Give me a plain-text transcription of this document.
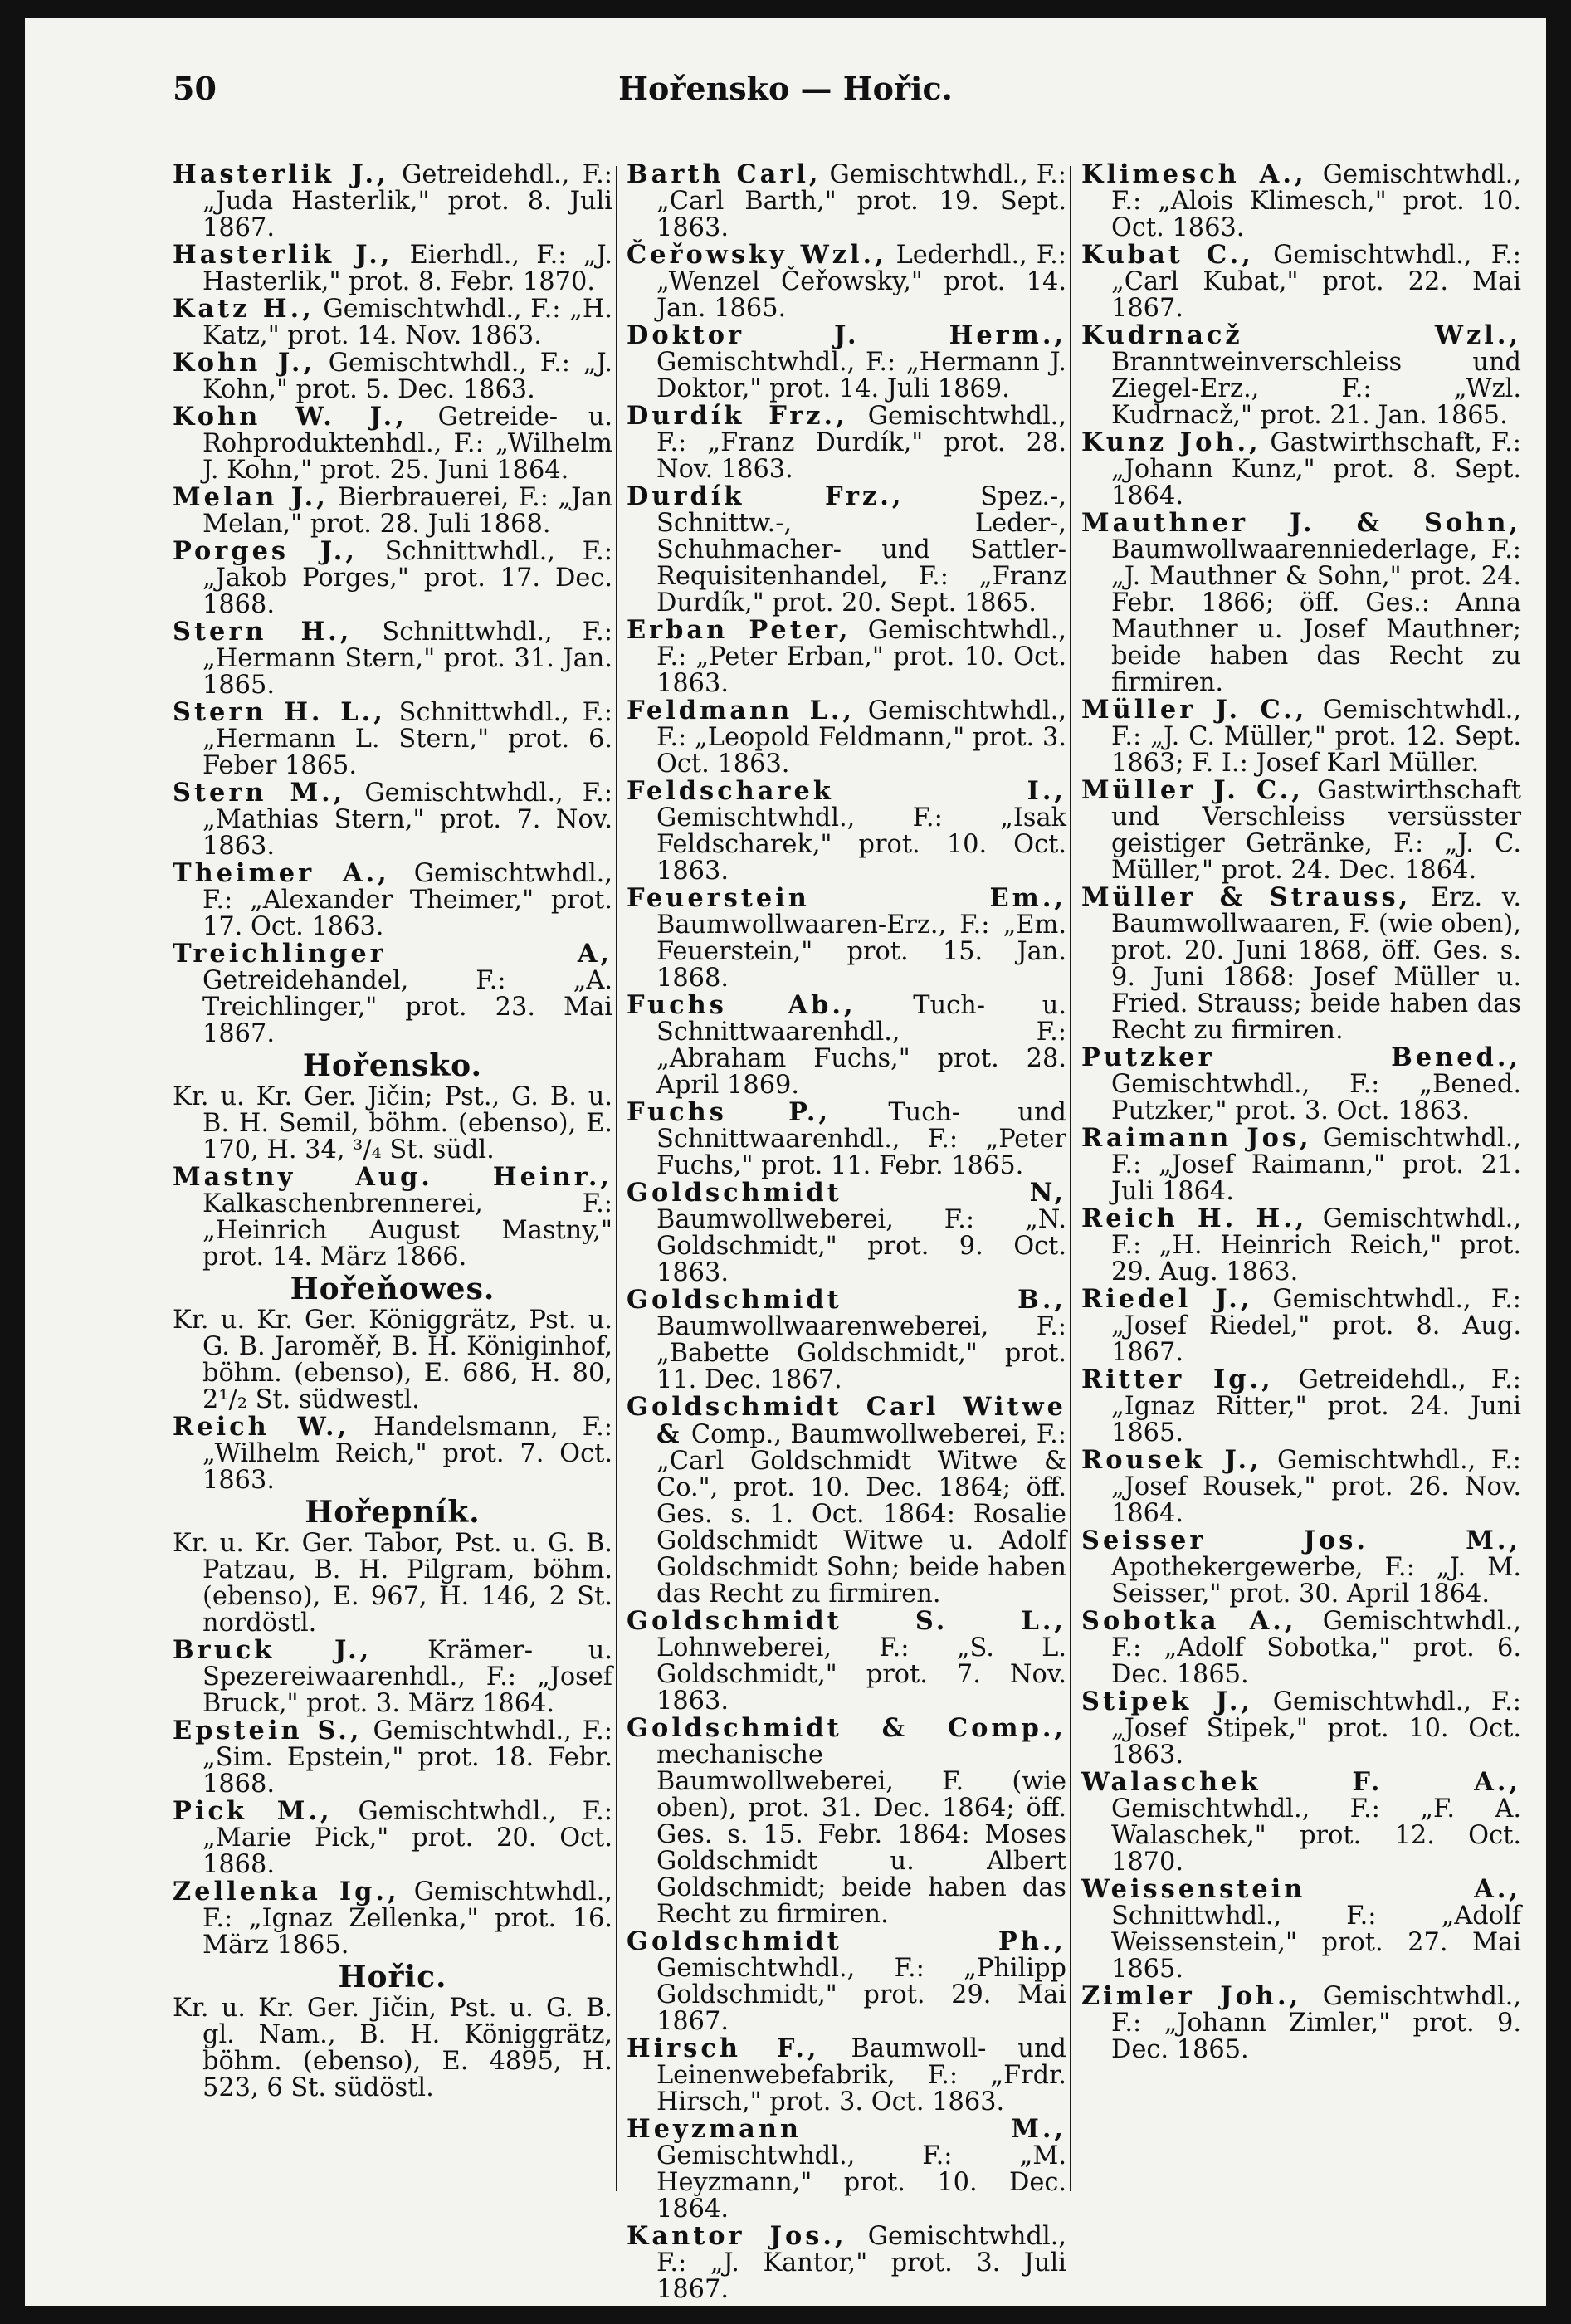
50	Hořensko — Hořic.

Hasterlik J., Getreidehdl., F.: „Juda Hasterlik," prot. 8. Juli 1867.

Hasterlik J., Eierhdl., F.: „J. Hasterlik," prot. 8. Febr. 1870.

Katz H., Gemischtwhdl., F.: „H. Katz," prot. 14. Nov. 1863.

Kohn J., Gemischtwhdl., F.: „J. Kohn," prot. 5. Dec. 1863.

Kohn W. J., Getreide- u. Rohproduktenhdl., F.: „Wilhelm J. Kohn," prot. 25. Juni 1864.

Melan J., Bierbrauerei, F.: „Jan Melan," prot. 28. Juli 1868.

Porges J., Schnittwhdl., F.: „Jakob Porges," prot. 17. Dec. 1868.

Stern H., Schnittwhdl., F.: „Hermann Stern," prot. 31. Jan. 1865.

Stern H. L., Schnittwhdl., F.: „Hermann L. Stern," prot. 6. Feber 1865.

Stern M., Gemischtwhdl., F.: „Mathias Stern," prot. 7. Nov. 1863.

Theimer A., Gemischtwhdl., F.: „Alexander Theimer," prot. 17. Oct. 1863.

Treichlinger A, Getreidehandel, F.: „A. Treichlinger," prot. 23. Mai 1867.

Hořensko.

Kr. u. Kr. Ger. Jičin; Pst., G. B. u. B. H. Semil, böhm. (ebenso), E. 170, H. 34, ³/₄ St. südl.

Mastny Aug. Heinr., Kalkaschenbrennerei, F.: „Heinrich August Mastny," prot. 14. März 1866.

Hořeňowes.

Kr. u. Kr. Ger. Königgrätz, Pst. u. G. B. Jaroměř, B. H. Königinhof, böhm. (ebenso), E. 686, H. 80, 2¹/₂ St. südwestl.

Reich W., Handelsmann, F.: „Wilhelm Reich," prot. 7. Oct. 1863.

Hořepník.

Kr. u. Kr. Ger. Tabor, Pst. u. G. B. Patzau, B. H. Pilgram, böhm. (ebenso), E. 967, H. 146, 2 St. nordöstl.

Bruck J., Krämer- u. Spezereiwaarenhdl., F.: „Josef Bruck," prot. 3. März 1864.

Epstein S., Gemischtwhdl., F.: „Sim. Epstein," prot. 18. Febr. 1868.

Pick M., Gemischtwhdl., F.: „Marie Pick," prot. 20. Oct. 1868.

Zellenka Ig., Gemischtwhdl., F.: „Ignaz Zellenka," prot. 16. März 1865.

Hořic.

Kr. u. Kr. Ger. Jičin, Pst. u. G. B. gl. Nam., B. H. Königgrätz, böhm. (ebenso), E. 4895, H. 523, 6 St. südöstl.

Barth Carl, Gemischtwhdl., F.: „Carl Barth," prot. 19. Sept. 1863.

Čeřowsky Wzl., Lederhdl., F.: „Wenzel Čeřowsky," prot. 14. Jan. 1865.

Doktor J. Herm., Gemischtwhdl., F.: „Hermann J. Doktor," prot. 14. Juli 1869.

Durdík Frz., Gemischtwhdl., F.: „Franz Durdík," prot. 28. Nov. 1863.

Durdík Frz., Spez.-, Schnittw.-, Leder-, Schuhmacher- und Sattler-Requisitenhandel, F.: „Franz Durdík," prot. 20. Sept. 1865.

Erban Peter, Gemischtwhdl., F.: „Peter Erban," prot. 10. Oct. 1863.

Feldmann L., Gemischtwhdl., F.: „Leopold Feldmann," prot. 3. Oct. 1863.

Feldscharek I., Gemischtwhdl., F.: „Isak Feldscharek," prot. 10. Oct. 1863.

Feuerstein Em., Baumwollwaaren-Erz., F.: „Em. Feuerstein," prot. 15. Jan. 1868.

Fuchs Ab., Tuch- u. Schnittwaarenhdl., F.: „Abraham Fuchs," prot. 28. April 1869.

Fuchs P., Tuch- und Schnittwaarenhdl., F.: „Peter Fuchs," prot. 11. Febr. 1865.

Goldschmidt N, Baumwollweberei, F.: „N. Goldschmidt," prot. 9. Oct. 1863.

Goldschmidt B., Baumwollwaarenweberei, F.: „Babette Goldschmidt," prot. 11. Dec. 1867.

Goldschmidt Carl Witwe & Comp., Baumwollweberei, F.: „Carl Goldschmidt Witwe & Co.", prot. 10. Dec. 1864; öff. Ges. s. 1. Oct. 1864: Rosalie Goldschmidt Witwe u. Adolf Goldschmidt Sohn; beide haben das Recht zu firmiren.

Goldschmidt S. L., Lohnweberei, F.: „S. L. Goldschmidt," prot. 7. Nov. 1863.

Goldschmidt & Comp., mechanische Baumwollweberei, F. (wie oben), prot. 31. Dec. 1864; öff. Ges. s. 15. Febr. 1864: Moses Goldschmidt u. Albert Goldschmidt; beide haben das Recht zu firmiren.

Goldschmidt Ph., Gemischtwhdl., F.: „Philipp Goldschmidt," prot. 29. Mai 1867.

Hirsch F., Baumwoll- und Leinenwebefabrik, F.: „Frdr. Hirsch," prot. 3. Oct. 1863.

Heyzmann M., Gemischtwhdl., F.: „M. Heyzmann," prot. 10. Dec. 1864.

Kantor Jos., Gemischtwhdl., F.: „J. Kantor," prot. 3. Juli 1867.

Klimesch A., Gemischtwhdl., F.: „Alois Klimesch," prot. 10. Oct. 1863.

Kubat C., Gemischtwhdl., F.: „Carl Kubat," prot. 22. Mai 1867.

Kudrnacž Wzl., Branntweinverschleiss und Ziegel-Erz., F.: „Wzl. Kudrnacž," prot. 21. Jan. 1865.

Kunz Joh., Gastwirthschaft, F.: „Johann Kunz," prot. 8. Sept. 1864.

Mauthner J. & Sohn, Baumwollwaarenniederlage, F.: „J. Mauthner & Sohn," prot. 24. Febr. 1866; öff. Ges.: Anna Mauthner u. Josef Mauthner; beide haben das Recht zu firmiren.

Müller J. C., Gemischtwhdl., F.: „J. C. Müller," prot. 12. Sept. 1863; F. I.: Josef Karl Müller.

Müller J. C., Gastwirthschaft und Verschleiss versüsster geistiger Getränke, F.: „J. C. Müller," prot. 24. Dec. 1864.

Müller & Strauss, Erz. v. Baumwollwaaren, F. (wie oben), prot. 20. Juni 1868, öff. Ges. s. 9. Juni 1868: Josef Müller u. Fried. Strauss; beide haben das Recht zu firmiren.

Putzker Bened., Gemischtwhdl., F.: „Bened. Putzker," prot. 3. Oct. 1863.

Raimann Jos, Gemischtwhdl., F.: „Josef Raimann," prot. 21. Juli 1864.

Reich H. H., Gemischtwhdl., F.: „H. Heinrich Reich," prot. 29. Aug. 1863.

Riedel J., Gemischtwhdl., F.: „Josef Riedel," prot. 8. Aug. 1867.

Ritter Ig., Getreidehdl., F.: „Ignaz Ritter," prot. 24. Juni 1865.

Rousek J., Gemischtwhdl., F.: „Josef Rousek," prot. 26. Nov. 1864.

Seisser Jos. M., Apothekergewerbe, F.: „J. M. Seisser," prot. 30. April 1864.

Sobotka A., Gemischtwhdl., F.: „Adolf Sobotka," prot. 6. Dec. 1865.

Stipek J., Gemischtwhdl., F.: „Josef Stipek," prot. 10. Oct. 1863.

Walaschek F. A., Gemischtwhdl., F.: „F. A. Walaschek," prot. 12. Oct. 1870.

Weissenstein A., Schnittwhdl., F.: „Adolf Weissenstein," prot. 27. Mai 1865.

Zimler Joh., Gemischtwhdl., F.: „Johann Zimler," prot. 9. Dec. 1865.
